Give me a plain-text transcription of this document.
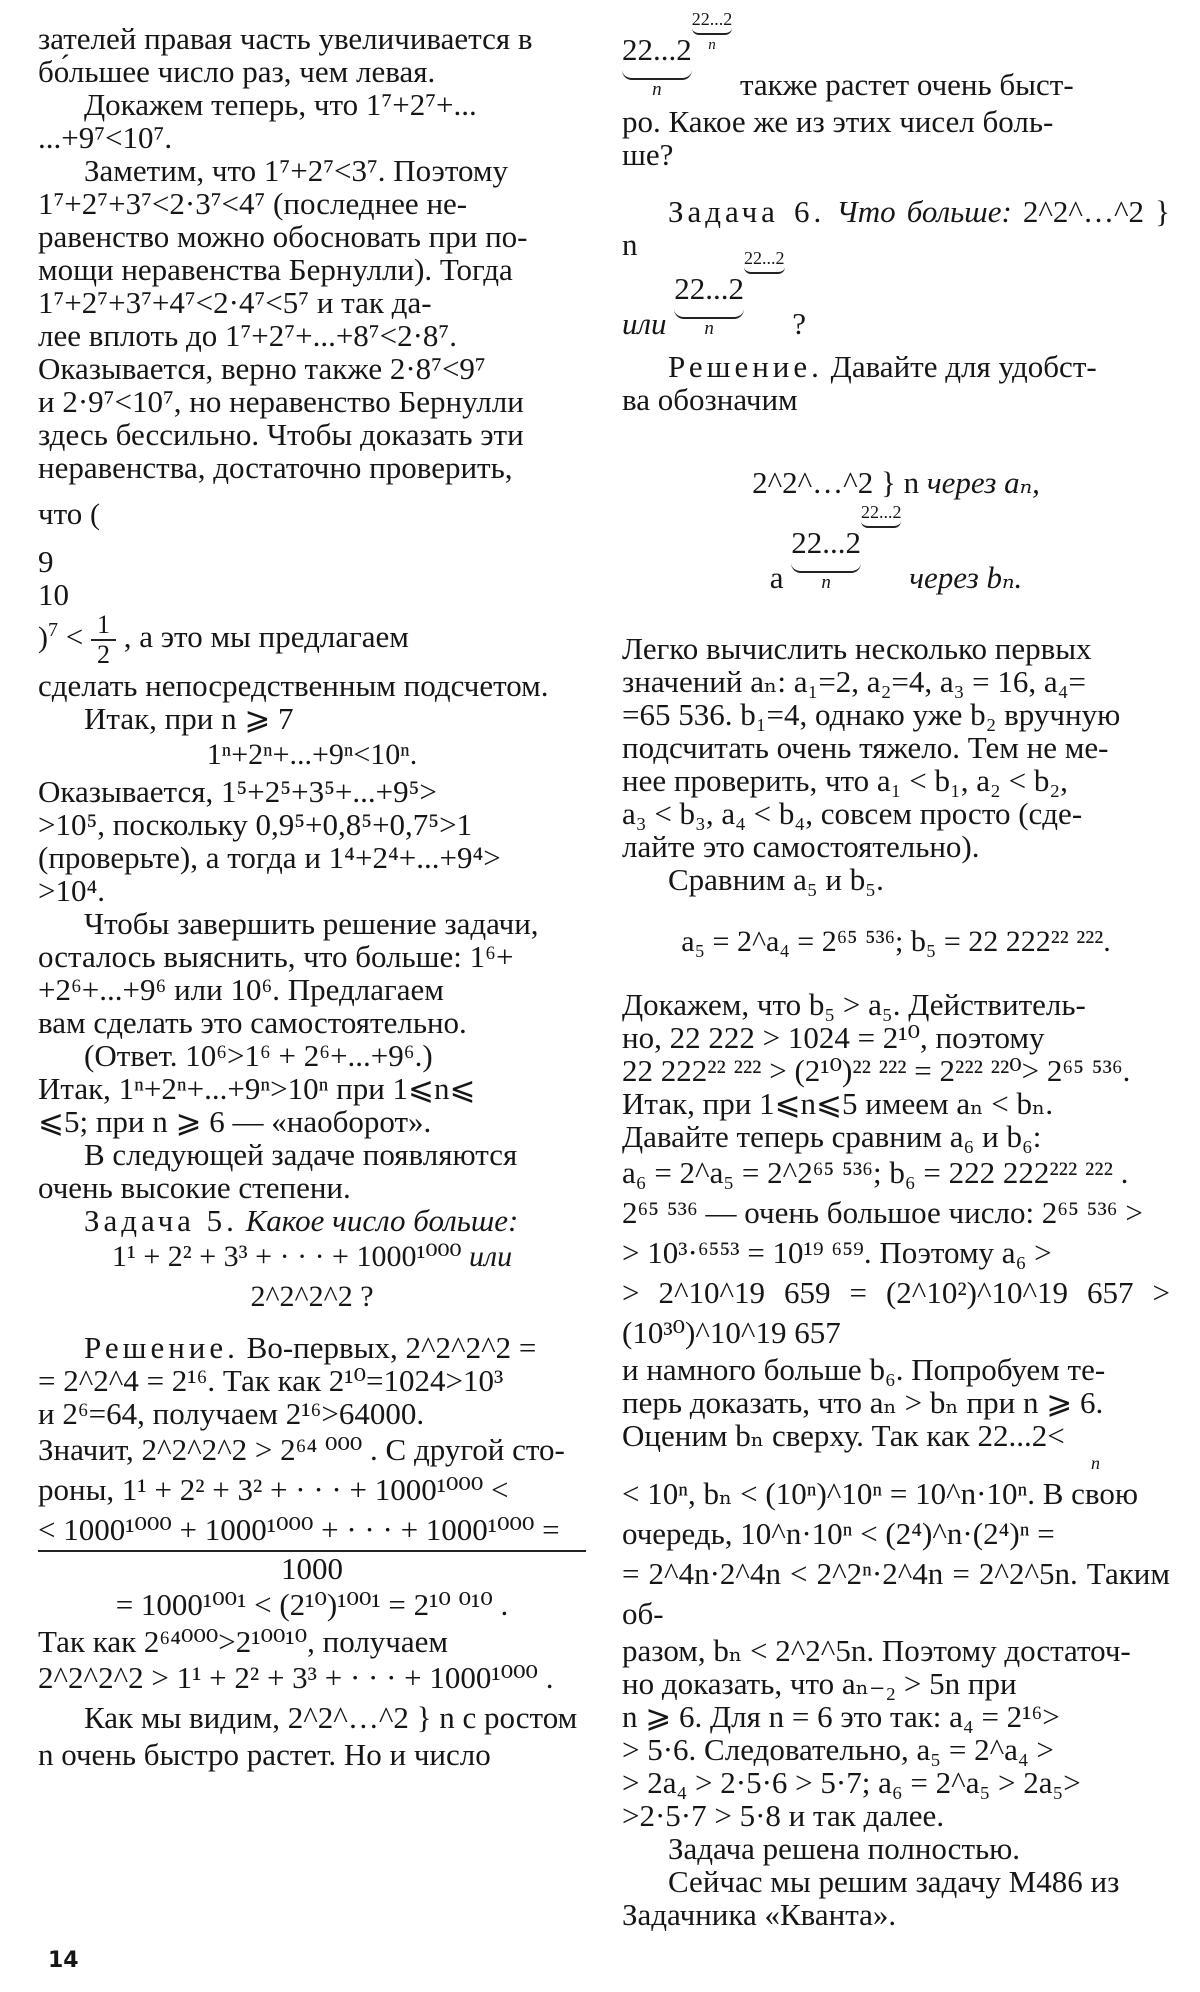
зателей правая часть увеличивается в

бо́льшее число раз, чем левая.

Докажем теперь, что 1⁷+2⁷+...

...+9⁷<10⁷.

Заметим, что 1⁷+2⁷<3⁷. Поэтому

1⁷+2⁷+3⁷<2·3⁷<4⁷ (последнее не-

равенство можно обосновать при по-

мощи неравенства Бернулли). Тогда

1⁷+2⁷+3⁷+4⁷<2·4⁷<5⁷ и так да-

лее вплоть до 1⁷+2⁷+...+8⁷<2·8⁷.

Оказывается, верно также 2·8⁷<9⁷

и 2·9⁷<10⁷, но неравенство Бернулли

здесь бессильно. Чтобы доказать эти

неравенства, достаточно проверить,

что (

9
10
)$^7 < \frac{1}{2}$ , а это мы предлагаем

сделать непосредственным подсчетом.

Итак, при n ⩾ 7

1ⁿ+2ⁿ+...+9ⁿ<10ⁿ.

Оказывается, 1⁵+2⁵+3⁵+...+9⁵>

>10⁵, поскольку 0,9⁵+0,8⁵+0,7⁵>1

(проверьте), а тогда и 1⁴+2⁴+...+9⁴>

>10⁴.

Чтобы завершить решение задачи,

осталось выяснить, что больше: 1⁶+

+2⁶+...+9⁶ или 10⁶. Предлагаем

вам сделать это самостоятельно.

(Ответ. 10⁶>1⁶ + 2⁶+...+9⁶.)

Итак, 1ⁿ+2ⁿ+...+9ⁿ>10ⁿ при 1⩽n⩽

⩽5; при n ⩾ 6 — «наоборот».

В следующей задаче появляются

очень высокие степени.

Задача 5. Какое число больше:

1¹ + 2² + 3³ + · · · + 1000¹⁰⁰⁰ или

2^2^2^2 ?

Решение. Во-первых, 2^2^2^2 =

= 2^2^4 = 2¹⁶. Так как 2¹⁰=1024>10³

и 2⁶=64, получаем 2¹⁶>64000.

Значит, 2^2^2^2 > 2⁶⁴ ⁰⁰⁰ . С другой сто-

роны, 1¹ + 2² + 3² + · · · + 1000¹⁰⁰⁰ <

< 1000¹⁰⁰⁰ + 1000¹⁰⁰⁰ + · · · + 1000¹⁰⁰⁰ =

1000

= 1000¹⁰⁰¹ < (2¹⁰)¹⁰⁰¹ = 2¹⁰ ⁰¹⁰ .

Так как 2⁶⁴⁰⁰⁰>2¹⁰⁰¹⁰, получаем

2^2^2^2 > 1¹ + 2² + 3³ + · · · + 1000¹⁰⁰⁰ .

Как мы видим, 2^2^…^2 } n с ростом

n очень быстро растет. Но и число

22...2
n
22...2
n
также растет очень быст-

ро. Какое же из этих чисел боль-

ше?

Задача 6. Что больше: 2^2^…^2 } n

или 22...2
n
22...2
?

Решение. Давайте для удобст-

ва обозначим

2^2^…^2 } n через aₙ,

а 22...2
n
22...2
через bₙ.

Легко вычислить несколько первых

значений aₙ: a₁=2, a₂=4, a₃ = 16, a₄=

=65 536. b₁=4, однако уже b₂ вручную

подсчитать очень тяжело. Тем не ме-

нее проверить, что a₁ < b₁, a₂ < b₂,

a₃ < b₃, a₄ < b₄, совсем просто (сде-

лайте это самостоятельно).

Сравним a₅ и b₅.

a₅ = 2^a₄ = 2⁶⁵ ⁵³⁶; b₅ = 22 222²² ²²².

Докажем, что b₅ > a₅. Действитель-

но, 22 222 > 1024 = 2¹⁰, поэтому

22 222²² ²²² > (2¹⁰)²² ²²² = 2²²² ²²⁰> 2⁶⁵ ⁵³⁶.

Итак, при 1⩽n⩽5 имеем aₙ < bₙ.

Давайте теперь сравним a₆ и b₆:

a₆ = 2^a₅ = 2^2⁶⁵ ⁵³⁶; b₆ = 222 222²²² ²²² .

2⁶⁵ ⁵³⁶ — очень большое число: 2⁶⁵ ⁵³⁶ >

> 10³·⁶⁵⁵³ = 10¹⁹ ⁶⁵⁹. Поэтому a₆ >

> 2^10^19 659 = (2^10²)^10^19 657 > (10³⁰)^10^19 657

и намного больше b₆. Попробуем те-

перь доказать, что aₙ > bₙ при n ⩾ 6.

Оценим bₙ сверху. Так как 22...2<

n

< 10ⁿ, bₙ < (10ⁿ)^10ⁿ = 10^n·10ⁿ. В свою

очередь, 10^n·10ⁿ < (2⁴)^n·(2⁴)ⁿ =

= 2^4n·2^4n < 2^2ⁿ·2^4n = 2^2^5n. Таким об-

разом, bₙ < 2^2^5n. Поэтому достаточ-

но доказать, что aₙ₋₂ > 5n при

n ⩾ 6. Для n = 6 это так: a₄ = 2¹⁶>

> 5·6. Следовательно, a₅ = 2^a₄ >

> 2a₄ > 2·5·6 > 5·7; a₆ = 2^a₅ > 2a₅>

>2·5·7 > 5·8 и так далее.

Задача решена полностью.

Сейчас мы решим задачу М486 из

Задачника «Кванта».

14
